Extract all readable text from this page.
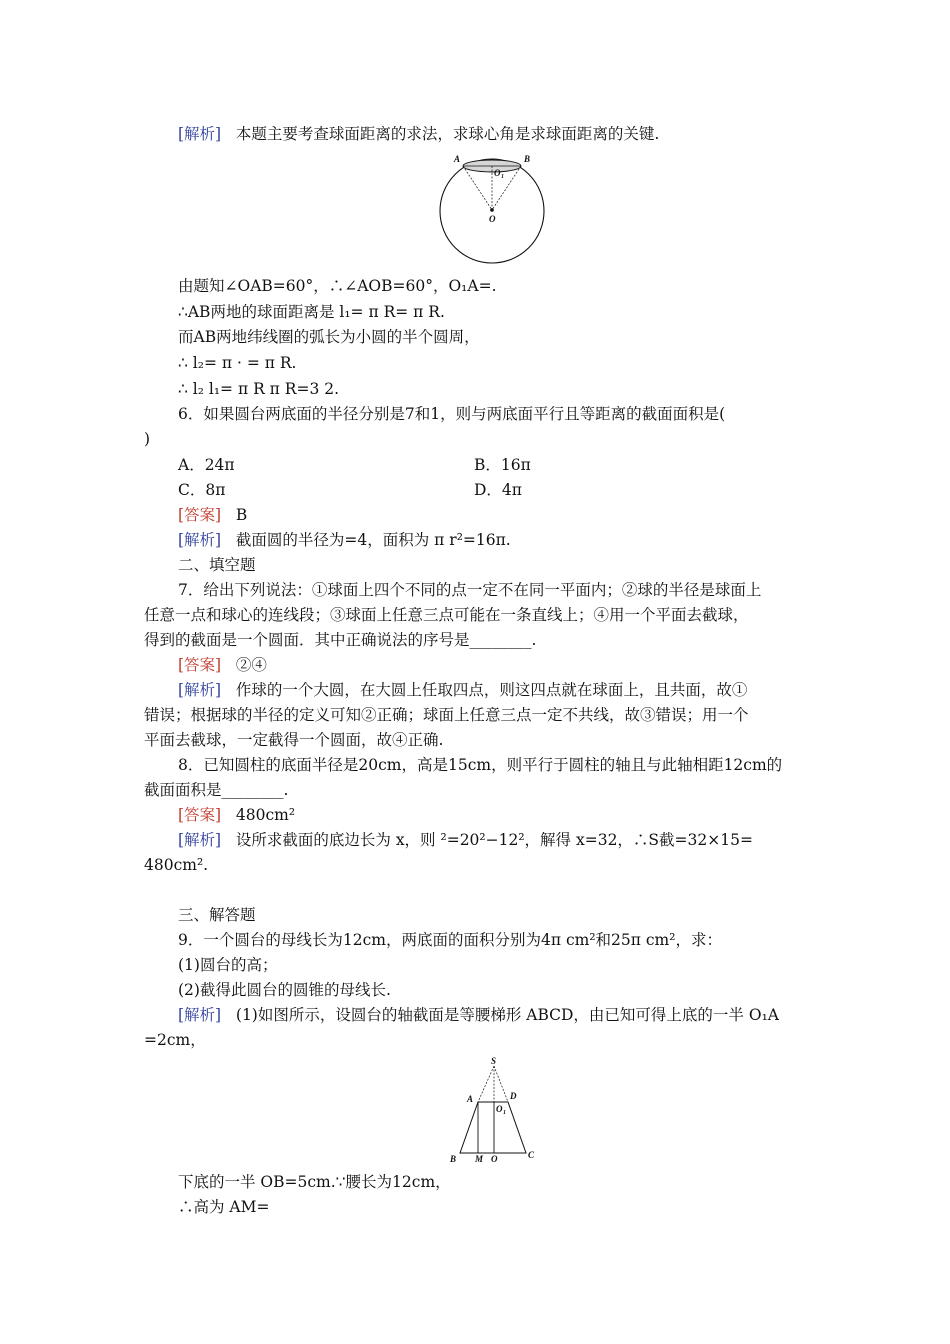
[解析] 本题主要考查球面距离的求法，求球心角是求球面距离的关键.
A	B
O 1
O
由题知∠OAB=60°，∴∠AOB=60°，O₁A=.
∴AB两地的球面距离是 l₁= π R= π R.
而AB两地纬线圈的弧长为小圆的半个圆周，
∴ l₂= π · = π R.
∴ l₂ l₁= π R π R=3 2.
6．如果圆台两底面的半径分别是7和1，则与两底面平行且等距离的截面面积是(
)
A．24π	B．16π
C．8π	D．4π
[答案] B
[解析] 截面圆的半径为=4，面积为 π r²=16π.
二、填空题
7．给出下列说法：①球面上四个不同的点一定不在同一平面内；②球的半径是球面上
任意一点和球心的连线段；③球面上任意三点可能在一条直线上；④用一个平面去截球，
得到的截面是一个圆面．其中正确说法的序号是________.
[答案] ②④
[解析] 作球的一个大圆，在大圆上任取四点，则这四点就在球面上，且共面，故①
错误；根据球的半径的定义可知②正确；球面上任意三点一定不共线，故③错误；用一个
平面去截球，一定截得一个圆面，故④正确.
8．已知圆柱的底面半径是20cm，高是15cm，则平行于圆柱的轴且与此轴相距12cm的
截面面积是________.
[答案] 480cm²
[解析] 设所求截面的底边长为 x，则 ²=20²−12²，解得 x=32，∴S截=32×15=
480cm².
三、解答题
9．一个圆台的母线长为12cm，两底面的面积分别为4π cm²和25π cm²，求：
(1)圆台的高；
(2)截得此圆台的圆锥的母线长.
[解析] (1)如图所示，设圆台的轴截面是等腰梯形 ABCD，由已知可得上底的一半 O₁A
=2cm，
S
A	D
O 1
B M O	C
下底的一半 OB=5cm.∵腰长为12cm，
∴高为 AM=
